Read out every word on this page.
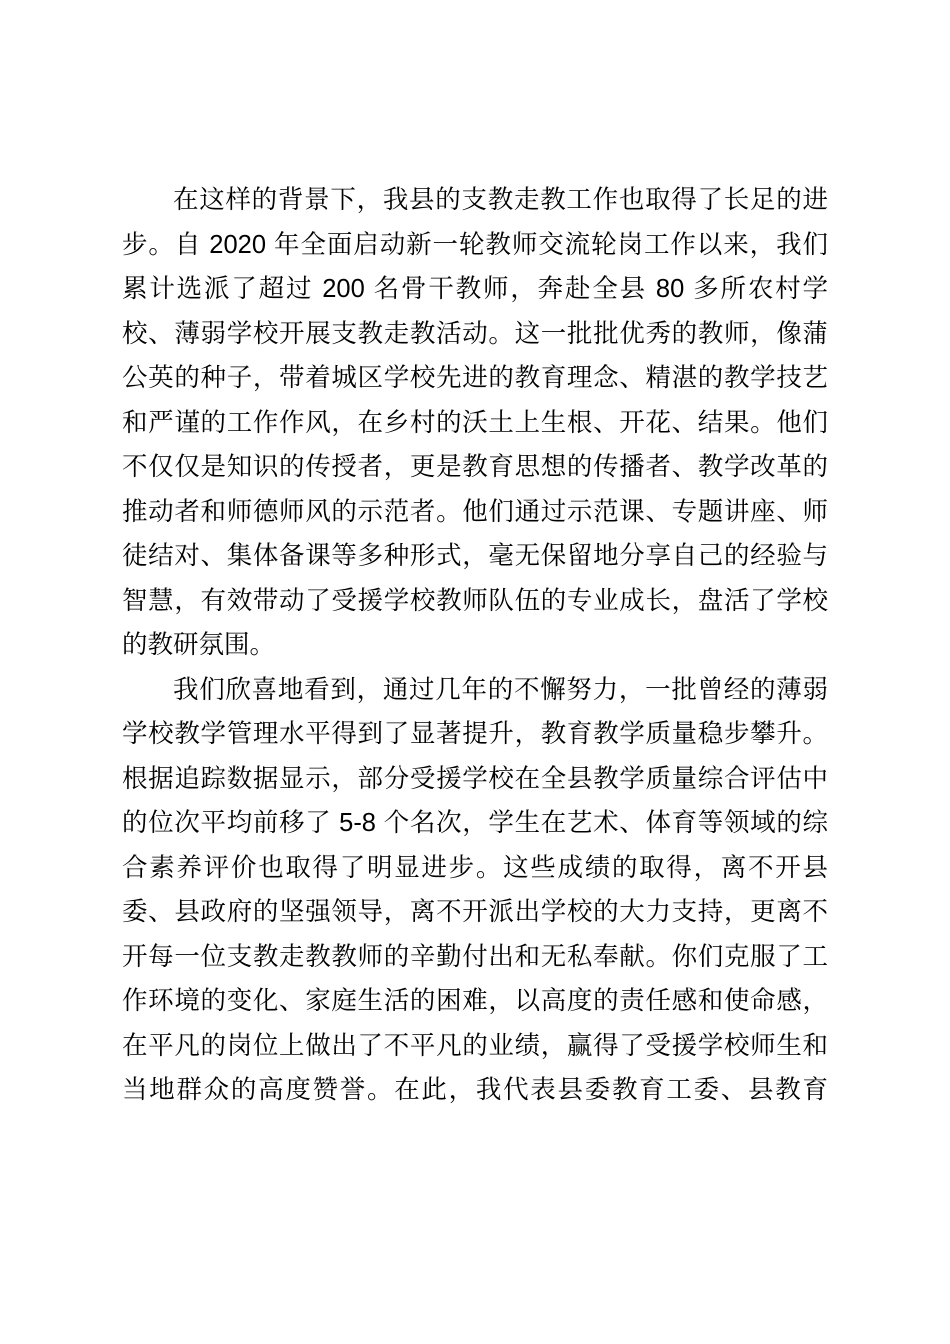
在这样的背景下，我县的支教走教工作也取得了长足的进
步。自 2020 年全面启动新一轮教师交流轮岗工作以来，我们
累计选派了超过 200 名骨干教师，奔赴全县 80 多所农村学
校、薄弱学校开展支教走教活动。这一批批优秀的教师，像蒲
公英的种子，带着城区学校先进的教育理念、精湛的教学技艺
和严谨的工作作风，在乡村的沃土上生根、开花、结果。他们
不仅仅是知识的传授者，更是教育思想的传播者、教学改革的
推动者和师德师风的示范者。他们通过示范课、专题讲座、师
徒结对、集体备课等多种形式，毫无保留地分享自己的经验与
智慧，有效带动了受援学校教师队伍的专业成长，盘活了学校
的教研氛围。
我们欣喜地看到，通过几年的不懈努力，一批曾经的薄弱
学校教学管理水平得到了显著提升，教育教学质量稳步攀升。
根据追踪数据显示，部分受援学校在全县教学质量综合评估中
的位次平均前移了 5-8 个名次，学生在艺术、体育等领域的综
合素养评价也取得了明显进步。这些成绩的取得，离不开县
委、县政府的坚强领导，离不开派出学校的大力支持，更离不
开每一位支教走教教师的辛勤付出和无私奉献。你们克服了工
作环境的变化、家庭生活的困难，以高度的责任感和使命感，
在平凡的岗位上做出了不平凡的业绩，赢得了受援学校师生和
当地群众的高度赞誉。在此，我代表县委教育工委、县教育
